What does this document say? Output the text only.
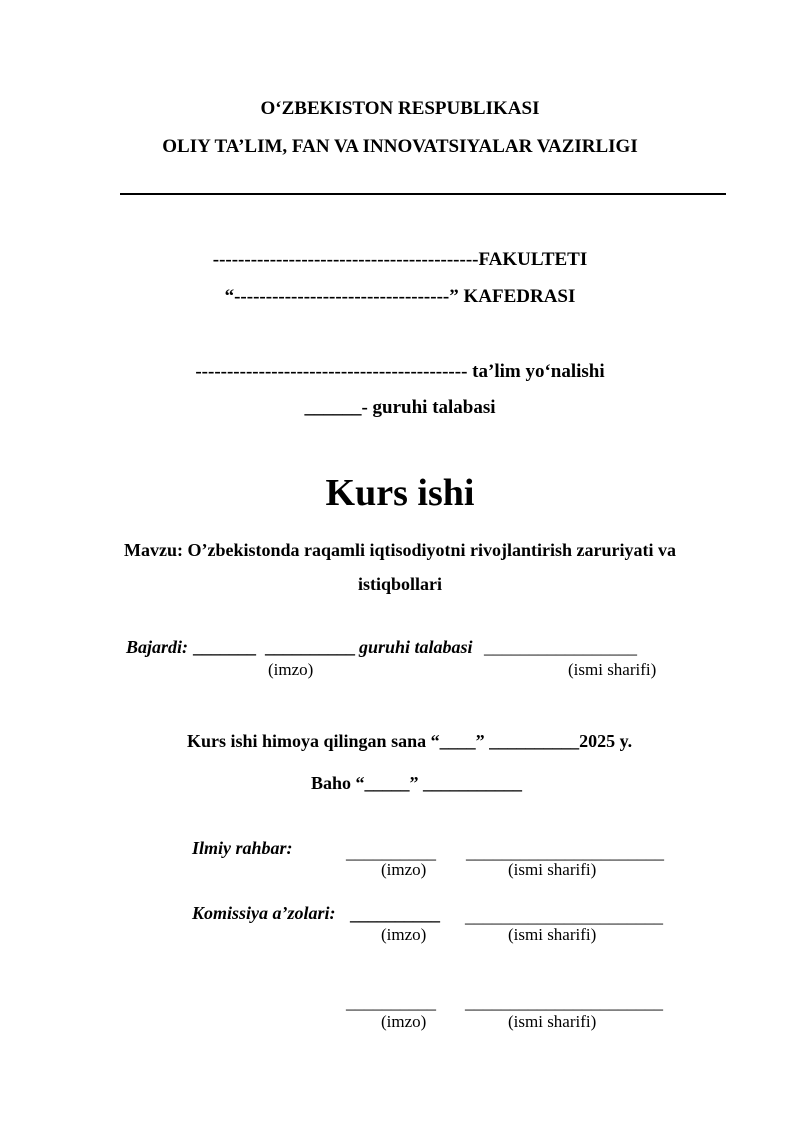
O‘ZBEKISTON RESPUBLIKASI
OLIY TA’LIM, FAN VA INNOVATSIYALAR VAZIRLIGI
------------------------------------------FAKULTETI
“----------------------------------” KAFEDRASI
------------------------------------------- ta’lim yo‘nalishi
______- guruhi talabasi
Kurs ishi
Mavzu: O’zbekistonda raqamli iqtisodiyotni rivojlantirish zaruriyati va
istiqbollari
Bajardi: _______ __________ guruhi talabasi _________________
(imzo)	(ismi sharifi)
Kurs ishi himoya qilingan sana “____” __________2025 y.
Baho “_____” ___________
Ilmiy rahbar:	__________ ______________________
(imzo)	(ismi sharifi)
Komissiya a’zolari: __________ ______________________
(imzo)	(ismi sharifi)
__________ ______________________
(imzo)	(ismi sharifi)
